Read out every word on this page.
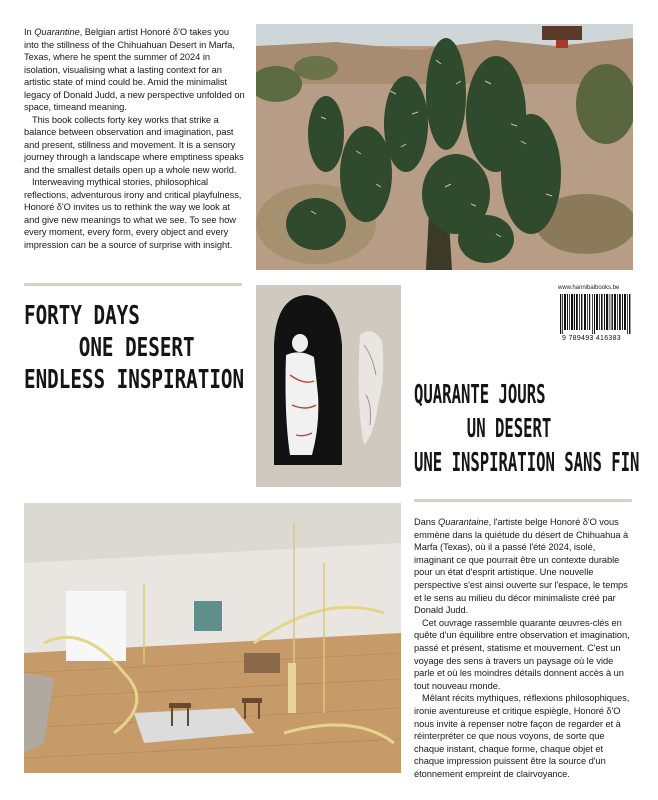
In Quarantine, Belgian artist Honoré δ'O takes you into the stillness of the Chihuahuan Desert in Marfa, Texas, where he spent the summer of 2024 in isolation, visualising what a lasting context for an artistic state of mind could be. Amid the minimalist legacy of Donald Judd, a new perspective unfolded on space, timeand meaning.

This book collects forty key works that strike a balance between observation and imagination, past and present, stillness and movement. It is a sensory journey through a landscape where emptiness speaks and the smallest details open up a whole new world.

Interweaving mythical stories, philosophical reflections, adventurous irony and critical playfulness, Honoré δ'O invites us to rethink the way we look at and give new meanings to what we see. To see how every moment, every form, every object and every impression can be a source of surprise with insight.

FORTY DAYS
ONE DESERT
ENDLESS INSPIRATION
www.hannibalbooks.be
9 789493 416383
QUARANTE JOURS
UN DESERT
UNE INSPIRATION SANS FIN

Dans Quarantaine, l'artiste belge Honoré δ'O vous emmène dans la quiétude du désert de Chihuahua à Marfa (Texas), où il a passé l'été 2024, isolé, imaginant ce que pourrait être un contexte durable pour un état d'esprit artistique. Une nouvelle perspective s'est ainsi ouverte sur l'espace, le temps et le sens au milieu du décor minimaliste créé par Donald Judd.

Cet ouvrage rassemble quarante œuvres-clés en quête d'un équilibre entre observation et imagination, passé et présent, statisme et mouvement. C'est un voyage des sens à travers un paysage où le vide parle et où les moindres détails donnent accès à un tout nouveau monde.

Mêlant récits mythiques, réflexions philosophiques, ironie aventureuse et critique espiègle, Honoré δ'O nous invite à repenser notre façon de regarder et à réinterpréter ce que nous voyons, de sorte que chaque instant, chaque forme, chaque objet et chaque impression puissent être la source d'un étonnement empreint de clairvoyance.
